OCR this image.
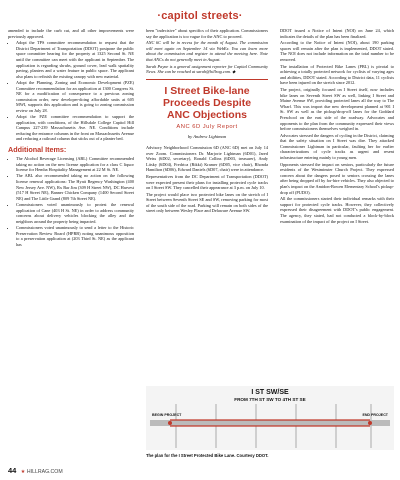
·capitol streets·

amended to include the curb cut, and all other improvements were previously approved.

• Adopt the TPS committee recommendation to request that the District Department of Transportation (DDOT) postpone the public space committee hearing for the property at 1325 Second St. NE until the committee can meet with the applicant in September. The application is regarding shrubs, ground cover, lead walk spatiality paving, planters and a water feature in public space. The applicant also plans to refinish the existing canopy with new material.
• Adopt the Planning, Zoning and Economic Development (PZE) Committee recommendation for an application at 1300 Congress St. NE for a modification of consequence to a previous zoning commission order, new developer-doing affordable units at 605 MWI, supports this application and is going to zoning commission review on July 28.
• Adopt the PZE committee recommendation to support the application, with conditions, of the Hillsdale College Capitol Hill Campus 227-239 Massachusetts Ave. NE. Conditions include reducing the entrance columns in the front on Massachusetts Avenue and reducing a railroad column that sticks out of a planter bed.
Additional Items:
• The Alcohol Beverage Licensing (ABL) Committee recommended taking no action on the new license application for a class C liquor license for Hemba Hospitality Management at 22 M St. NE.
• The ABL also recommended taking no action on the following license renewal applications: The Hyatt Regency Washington (400 New Jersey Ave. NW), Rx Bar Jim (309 H Street NW), DC Harvest (517 H Street NE), Banner Chicken Company (1400 Second Street NE) and The Little Grand (809 7th Street NE).
• Commissioners voted unanimously to protest the renewal application of Cane (403 H St. NE) in order to address community concerns about delivery vehicles blocking the alley and the neighbors around the property being impacted.
• Commissioners voted unanimously to send a letter to the Historic Preservation Review Board (HPRB) noting unanimous opposition to a preservation application at (203 Third St. NE) as the applicant has

been "indecisive" about specifics of their application. Commissioners say the application is too vague for the ANC to proceed.

ANC 6C will be in recess for the month of August. The commission will meet again on September 14 via WebEx. You can learn more about the commission and register to attend the meeting here. Note that ANCs do not generally meet in August.

Sarah Payne is a general assignment reporter for Capital Community News. She can be reached at sarah@hillrag.com. ◆

I Street Bike-lane
Proceeds Despite
ANC Objections
ANC 6D July Report
by Andrew Lightman

Advisory Neighborhood Commission 6D (ANC 6D) met on July 14 over Zoom. Commissioners Dr. Marjorie Lightman (6D01), Jared Weiss (6D02, secretary), Ronald Collins (6D03, treasurer), Andy Litsky (6D04), Fredrica (Rikki) Kramer (6D05, vice chair), Rhonda Hamilton (6D06), Edward Daniels (6D07, chair) were in attendance.

Representatives from the DC Department of Transportation (DDOT) were expected present their plans for installing protected cycle tracks on I Street SW. They cancelled their appearance at 3 p.m. on July 10.

The project would place two protected bike lanes on the stretch of I Street between Seventh Street SE and SW, removing parking for most of the south side of the road. Parking will remain on both sides of the street only between Wesley Place and Delaware Avenue SW.

DDOT issued a Notice of Intent (NOI) on June 24, which indicates the details of the plan has been finalized.

According to the Notice of Intent (NOI), about 190 parking spaces will remain after the plan is implemented, DDOT stated. The NOI does not include information on the total number to be removed.

The installation of Protected Bike Lanes (PBL) is pivotal to achieving a totally protected network for cyclists of varying ages and abilities, DDOT stated. According to District data, 11 cyclists have been injured on the stretch since 2012.

The project, originally focused on I Street itself, now includes bike lanes on Seventh Street SW as well, linking I Street and Maine Avenue SW, providing protected lanes all the way to The Wharf. This was import due new development planned at 901 I St. SW as well as the pickup/drop-off lanes for the Goddard Preschool on the east side of the roadway. Advocates and opponents to the plan from the community expressed their views before commissioners themselves weighed in.

Advocates stressed the dangers of cycling in the District, claiming that the safety situation on I Street was dire. They attacked Commissioner Lightman in particular, faulting her for earlier characterizations of cycle tracks as urgent and resent infrastructure entering mainly to young men.

Opponents stressed the impact on seniors, particularly the future residents of the Westminster Church Project. They expressed concern about the dangers posed to seniors crossing the lanes after being dropped off by for-hire vehicles. They also objected to plan's impact on the Amidon-Bowen Elementary School's pickup-drop off (PUDO).

All the commissioners started their individual remarks with their support for protected cycle tracks. However, they collectively expressed their disagreement with DDOT's public engagement. The agency, they stated, had not conducted a block-by-block examination of the impact of the project on I Street.

I ST SW/SE
FROM 7TH ST SW TO 4TH ST SE
BEGIN PROJECT	END PROJECT
The plan for the I Street Protected Bike Lane. Courtesy DDOT.
44 ★ HILLRAG.COM
